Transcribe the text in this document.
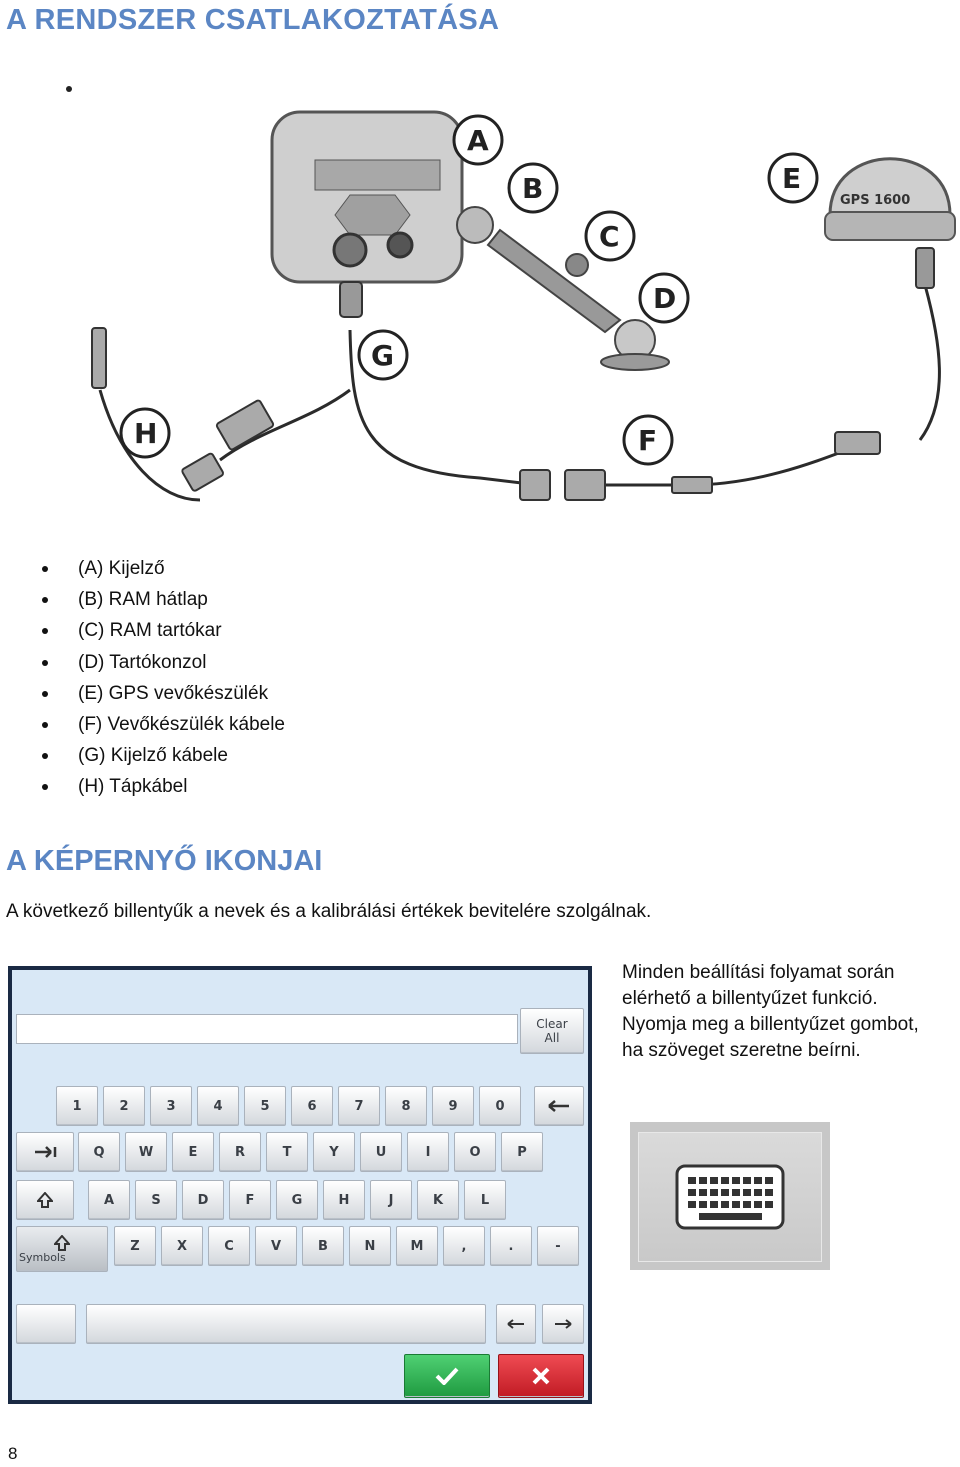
A RENDSZER CSATLAKOZTATÁSA
GPS 1600
A
B
C
D
E
F
G
H
(A) Kijelző
(B) RAM hátlap
(C) RAM tartókar
(D) Tartókonzol
(E) GPS vevőkészülék
(F) Vevőkészülék kábele
(G) Kijelző kábele
(H) Tápkábel
A KÉPERNYŐ IKONJAI
A következő billentyűk a nevek és a kalibrálási értékek bevitelére szolgálnak.
Clear
All
1	2	3	4	5	6	7	8	9	0
Q	W	E	R	T	Y	U	I	O	P
A	S	D	F	G	H	J	K	L
Z	X	C	V	B	N	M	,	.	-
Symbols
Minden beállítási folyamat során elérhető a billentyűzet funkció. Nyomja meg a billentyűzet gombot, ha szöveget szeretne beírni.
8
